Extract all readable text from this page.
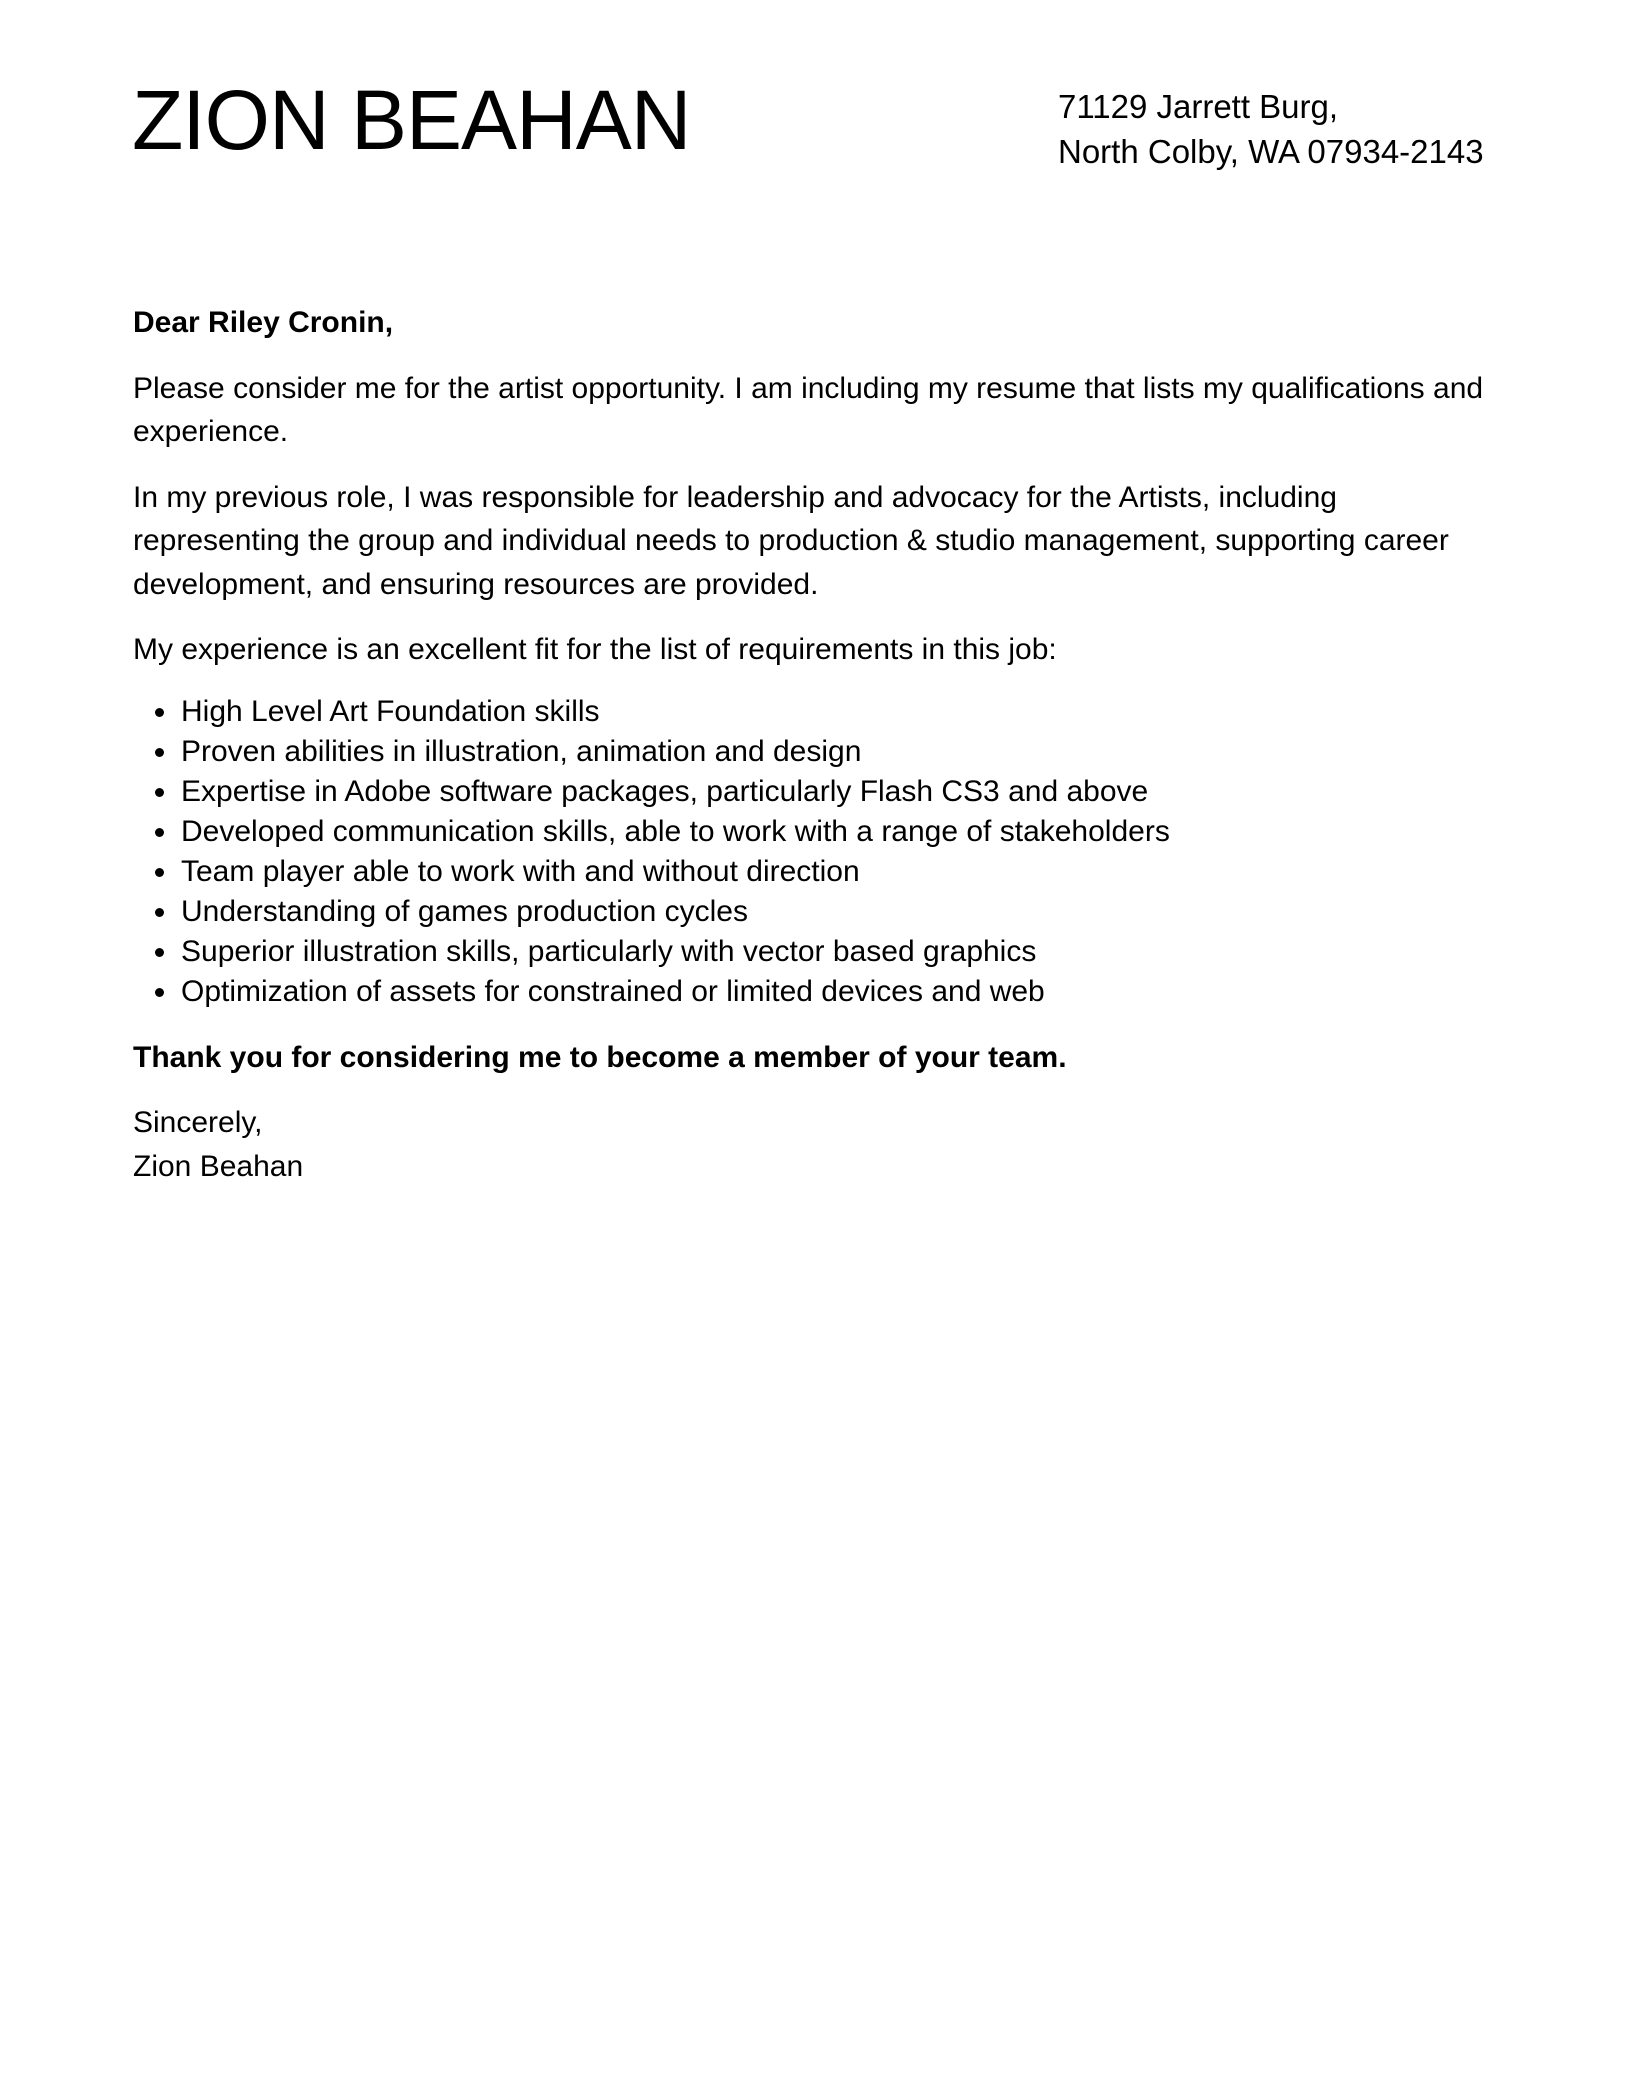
ZION BEAHAN	71129 Jarrett Burg,
North Colby, WA 07934-2143

Dear Riley Cronin,

Please consider me for the artist opportunity. I am including my resume that lists my qualifications and experience.

In my previous role, I was responsible for leadership and advocacy for the Artists, including representing the group and individual needs to production & studio management, supporting career development, and ensuring resources are provided.

My experience is an excellent fit for the list of requirements in this job:

High Level Art Foundation skills
Proven abilities in illustration, animation and design
Expertise in Adobe software packages, particularly Flash CS3 and above
Developed communication skills, able to work with a range of stakeholders
Team player able to work with and without direction
Understanding of games production cycles
Superior illustration skills, particularly with vector based graphics
Optimization of assets for constrained or limited devices and web

Thank you for considering me to become a member of your team.

Sincerely,
Zion Beahan
